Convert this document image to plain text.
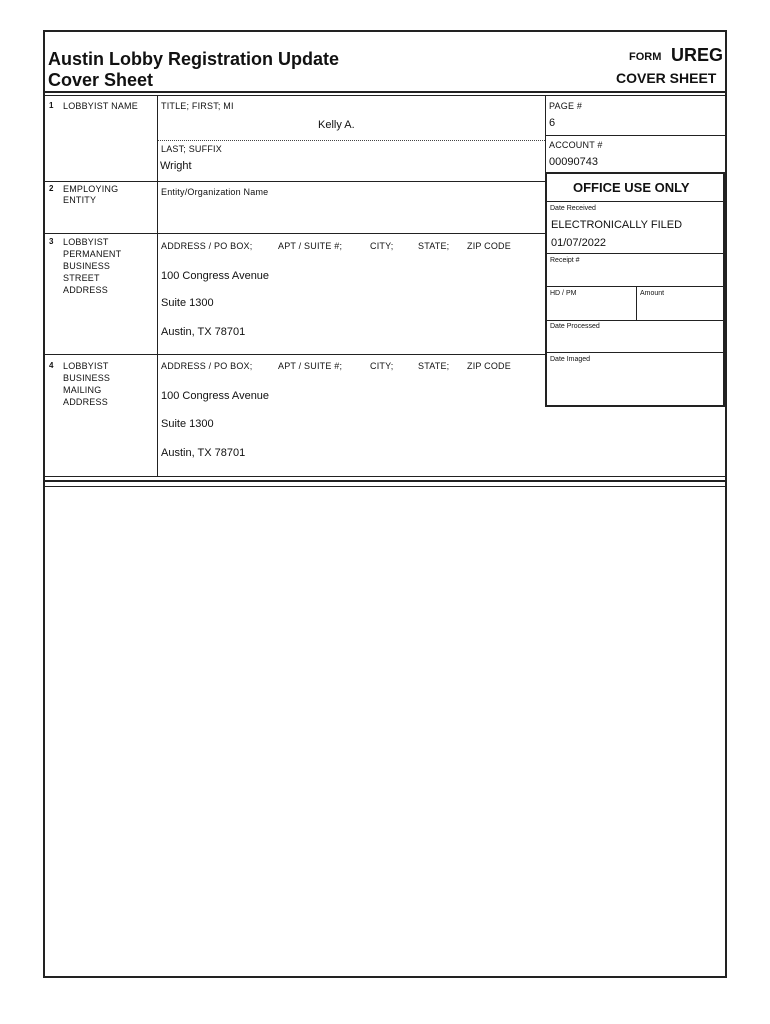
Austin Lobby Registration Update
Cover Sheet
FORM UREG
COVER SHEET
1 LOBBYIST NAME	TITLE; FIRST; MI
Kelly A.
LAST; SUFFIX
Wright
2 EMPLOYING
ENTITY
Entity/Organization Name
3 LOBBYIST
PERMANENT
BUSINESS
STREET
ADDRESS
ADDRESS / PO BOX;	APT / SUITE #;	CITY;	STATE; ZIP CODE
100 Congress Avenue
Suite 1300
Austin, TX 78701
4 LOBBYIST
BUSINESS
MAILING
ADDRESS
ADDRESS / PO BOX;	APT / SUITE #;	CITY;	STATE; ZIP CODE
100 Congress Avenue
Suite 1300
Austin, TX 78701
PAGE #
6
ACCOUNT #
00090743
OFFICE USE ONLY
Date Received
ELECTRONICALLY FILED
01/07/2022
Receipt #
HD / PM	Amount
Date Processed
Date Imaged
